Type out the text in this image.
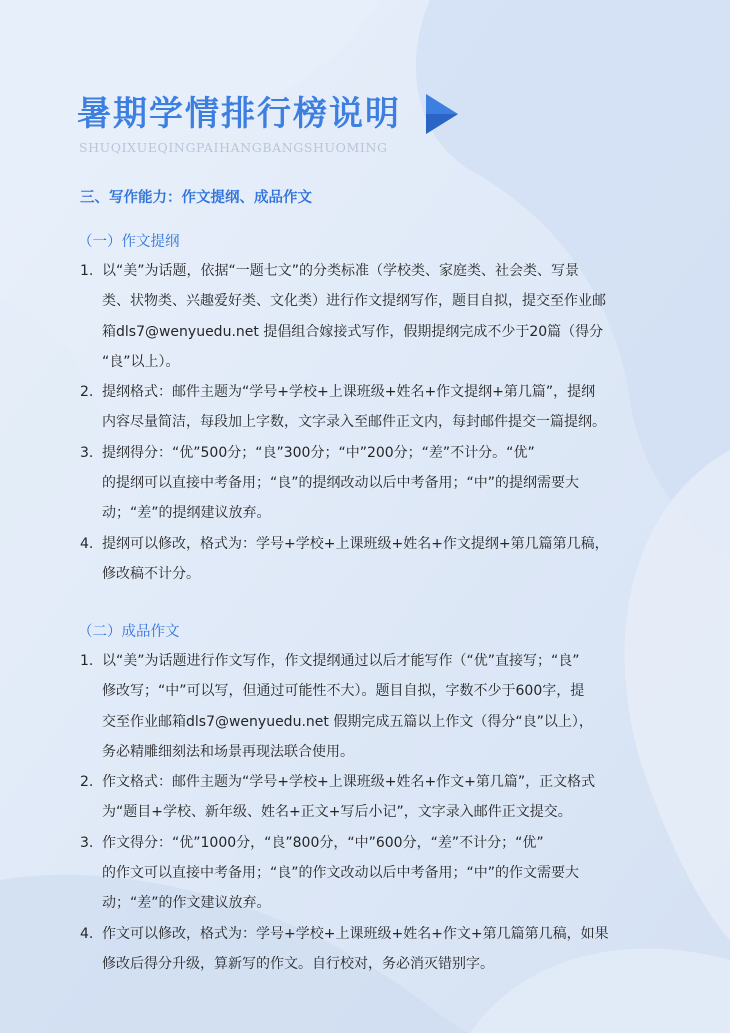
暑期学情排行榜说明
SHUQIXUEQINGPAIHANGBANGSHUOMING
三、写作能力：作文提纲、成品作文
（一）作文提纲
1. 以“美”为话题，依据“一题七文”的分类标准（学校类、家庭类、社会类、写景
类、状物类、兴趣爱好类、文化类）进行作文提纲写作，题目自拟，提交至作业邮
箱dls7@wenyuedu.net 提倡组合嫁接式写作，假期提纲完成不少于20篇（得分
“良”以上）。
2. 提纲格式：邮件主题为“学号+学校+上课班级+姓名+作文提纲+第几篇”，提纲
内容尽量简洁，每段加上字数，文字录入至邮件正文内，每封邮件提交一篇提纲。
3. 提纲得分：“优”500分；“良”300分；“中”200分；“差”不计分。“优”
的提纲可以直接中考备用；“良”的提纲改动以后中考备用；“中”的提纲需要大
动；“差”的提纲建议放弃。
4. 提纲可以修改，格式为：学号+学校+上课班级+姓名+作文提纲+第几篇第几稿，
修改稿不计分。
（二）成品作文
1. 以“美”为话题进行作文写作，作文提纲通过以后才能写作（“优”直接写；“良”
修改写；“中”可以写，但通过可能性不大）。题目自拟，字数不少于600字，提
交至作业邮箱dls7@wenyuedu.net 假期完成五篇以上作文（得分“良”以上），
务必精雕细刻法和场景再现法联合使用。
2. 作文格式：邮件主题为“学号+学校+上课班级+姓名+作文+第几篇”，正文格式
为“题目+学校、新年级、姓名+正文+写后小记”，文字录入邮件正文提交。
3. 作文得分：“优”1000分，“良”800分，“中”600分，“差”不计分；“优”
的作文可以直接中考备用；“良”的作文改动以后中考备用；“中”的作文需要大
动；“差”的作文建议放弃。
4. 作文可以修改，格式为：学号+学校+上课班级+姓名+作文+第几篇第几稿，如果
修改后得分升级，算新写的作文。自行校对，务必消灭错别字。
